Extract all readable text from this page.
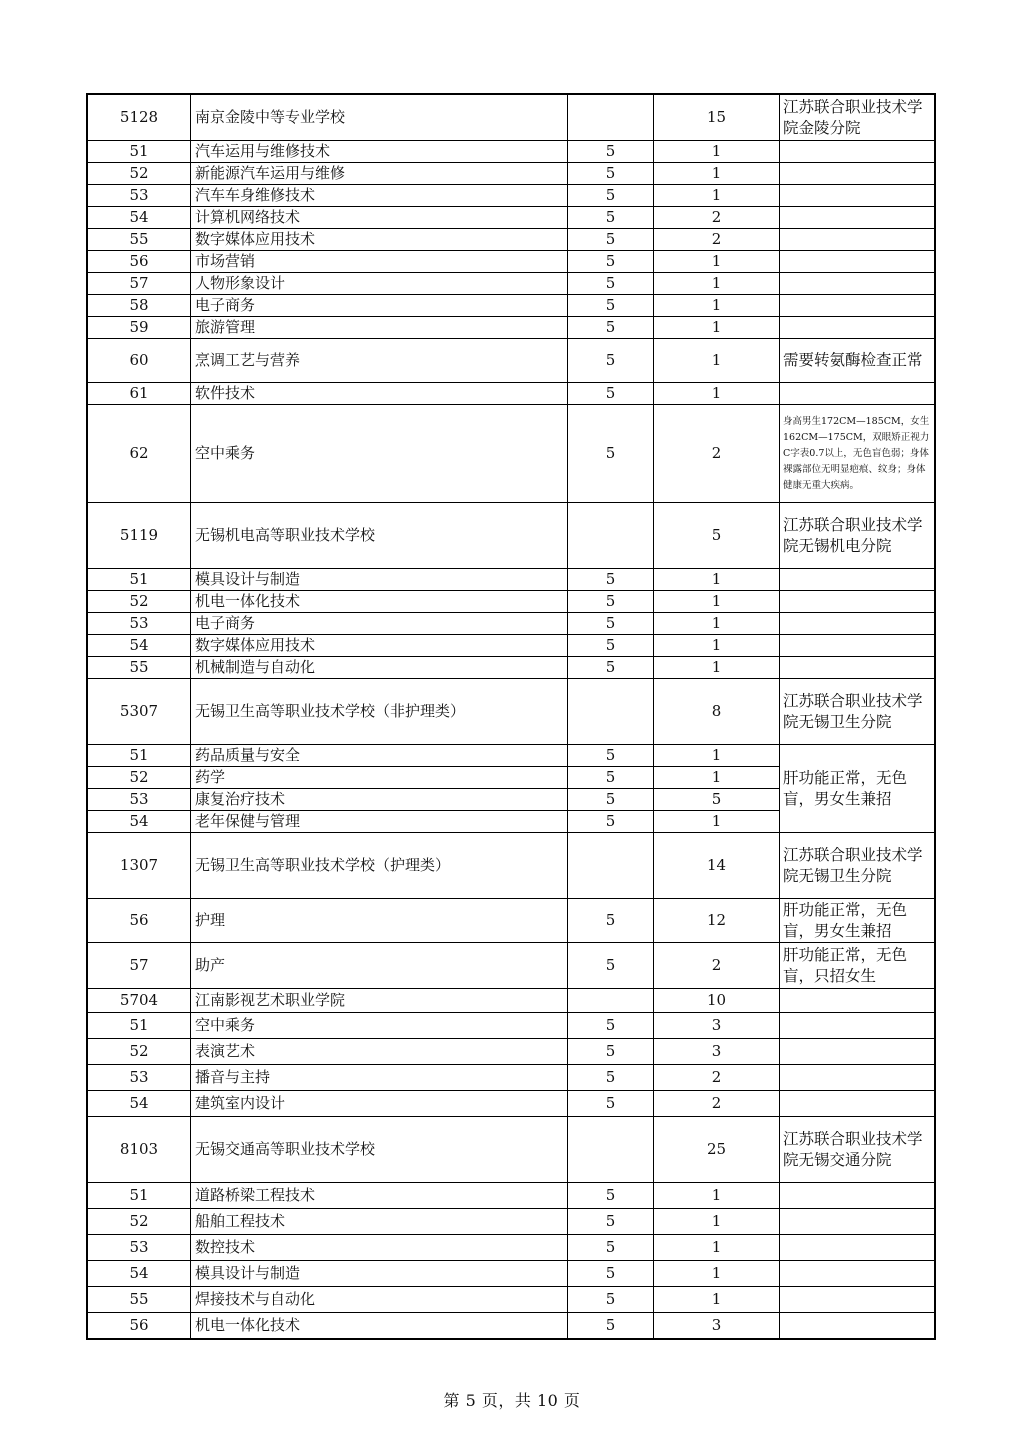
5128	南京金陵中等专业学校		15	江苏联合职业技术学院金陵分院
51	汽车运用与维修技术	5	1	
52	新能源汽车运用与维修	5	1	
53	汽车车身维修技术	5	1	
54	计算机网络技术	5	2	
55	数字媒体应用技术	5	2	
56	市场营销	5	1	
57	人物形象设计	5	1	
58	电子商务	5	1	
59	旅游管理	5	1	
60	烹调工艺与营养	5	1	需要转氨酶检查正常
61	软件技术	5	1	
62	空中乘务	5	2	身高男生172CM—185CM，女生162CM—175CM，双眼矫正视力C字表0.7以上，无色盲色弱；身体裸露部位无明显疤痕、纹身；身体健康无重大疾病。
5119	无锡机电高等职业技术学校		5	江苏联合职业技术学院无锡机电分院
51	模具设计与制造	5	1	
52	机电一体化技术	5	1	
53	电子商务	5	1	
54	数字媒体应用技术	5	1	
55	机械制造与自动化	5	1	
5307	无锡卫生高等职业技术学校（非护理类）		8	江苏联合职业技术学院无锡卫生分院
51	药品质量与安全	5	1	肝功能正常，无色盲，男女生兼招
52	药学	5	1	
53	康复治疗技术	5	5	
54	老年保健与管理	5	1	
1307	无锡卫生高等职业技术学校（护理类）		14	江苏联合职业技术学院无锡卫生分院
56	护理	5	12	肝功能正常，无色盲，男女生兼招
57	助产	5	2	肝功能正常，无色盲，只招女生
5704	江南影视艺术职业学院		10	
51	空中乘务	5	3	
52	表演艺术	5	3	
53	播音与主持	5	2	
54	建筑室内设计	5	2	
8103	无锡交通高等职业技术学校		25	江苏联合职业技术学院无锡交通分院
51	道路桥梁工程技术	5	1	
52	船舶工程技术	5	1	
53	数控技术	5	1	
54	模具设计与制造	5	1	
55	焊接技术与自动化	5	1	
56	机电一体化技术	5	3	
第 5 页，共 10 页
